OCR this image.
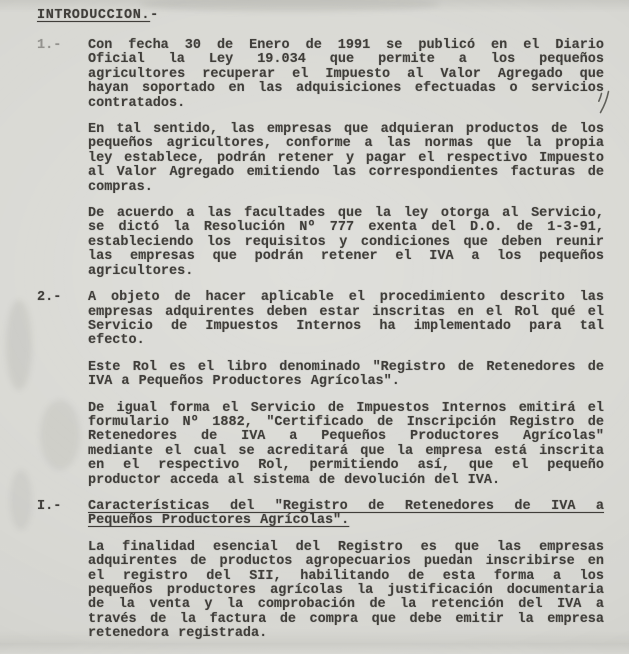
INTRODUCCION.-
1.-	Con fecha 30 de Enero de 1991 se publicó en el Diario
Oficial la Ley 19.034 que permite a los pequeños
agricultores recuperar el Impuesto al Valor Agregado que
hayan soportado en las adquisiciones efectuadas o servicios
contratados.
En tal sentido, las empresas que adquieran productos de los
pequeños agricultores, conforme a las normas que la propia
ley establece, podrán retener y pagar el respectivo Impuesto
al Valor Agregado emitiendo las correspondientes facturas de
compras.
De acuerdo a las facultades que la ley otorga al Servicio,
se dictó la Resolución Nº 777 exenta del D.O. de 1-3-91,
estableciendo los requisitos y condiciones que deben reunir
las empresas que podrán retener el IVA a los pequeños
agricultores.
2.-	A objeto de hacer aplicable el procedimiento descrito las
empresas adquirentes deben estar inscritas en el Rol qué el
Servicio de Impuestos Internos ha implementado para tal
efecto.
Este Rol es el libro denominado "Registro de Retenedores de
IVA a Pequeños Productores Agrícolas".
De igual forma el Servicio de Impuestos Internos emitirá el
formulario Nº 1882, "Certificado de Inscripción Registro de
Retenedores de IVA a Pequeños Productores Agrícolas"
mediante el cual se acreditará que la empresa está inscrita
en el respectivo Rol, permitiendo así, que el pequeño
productor acceda al sistema de devolución del IVA.
I.-	Características del "Registro de Retenedores de IVA a
Pequeños Productores Agrícolas".
La finalidad esencial del Registro es que las empresas
adquirentes de productos agropecuarios puedan inscribirse en
el registro del SII, habilitando de esta forma a los
pequeños productores agrícolas la justificación documentaria
de la venta y la comprobación de la retención del IVA a
través de la factura de compra que debe emitir la empresa
retenedora registrada.
